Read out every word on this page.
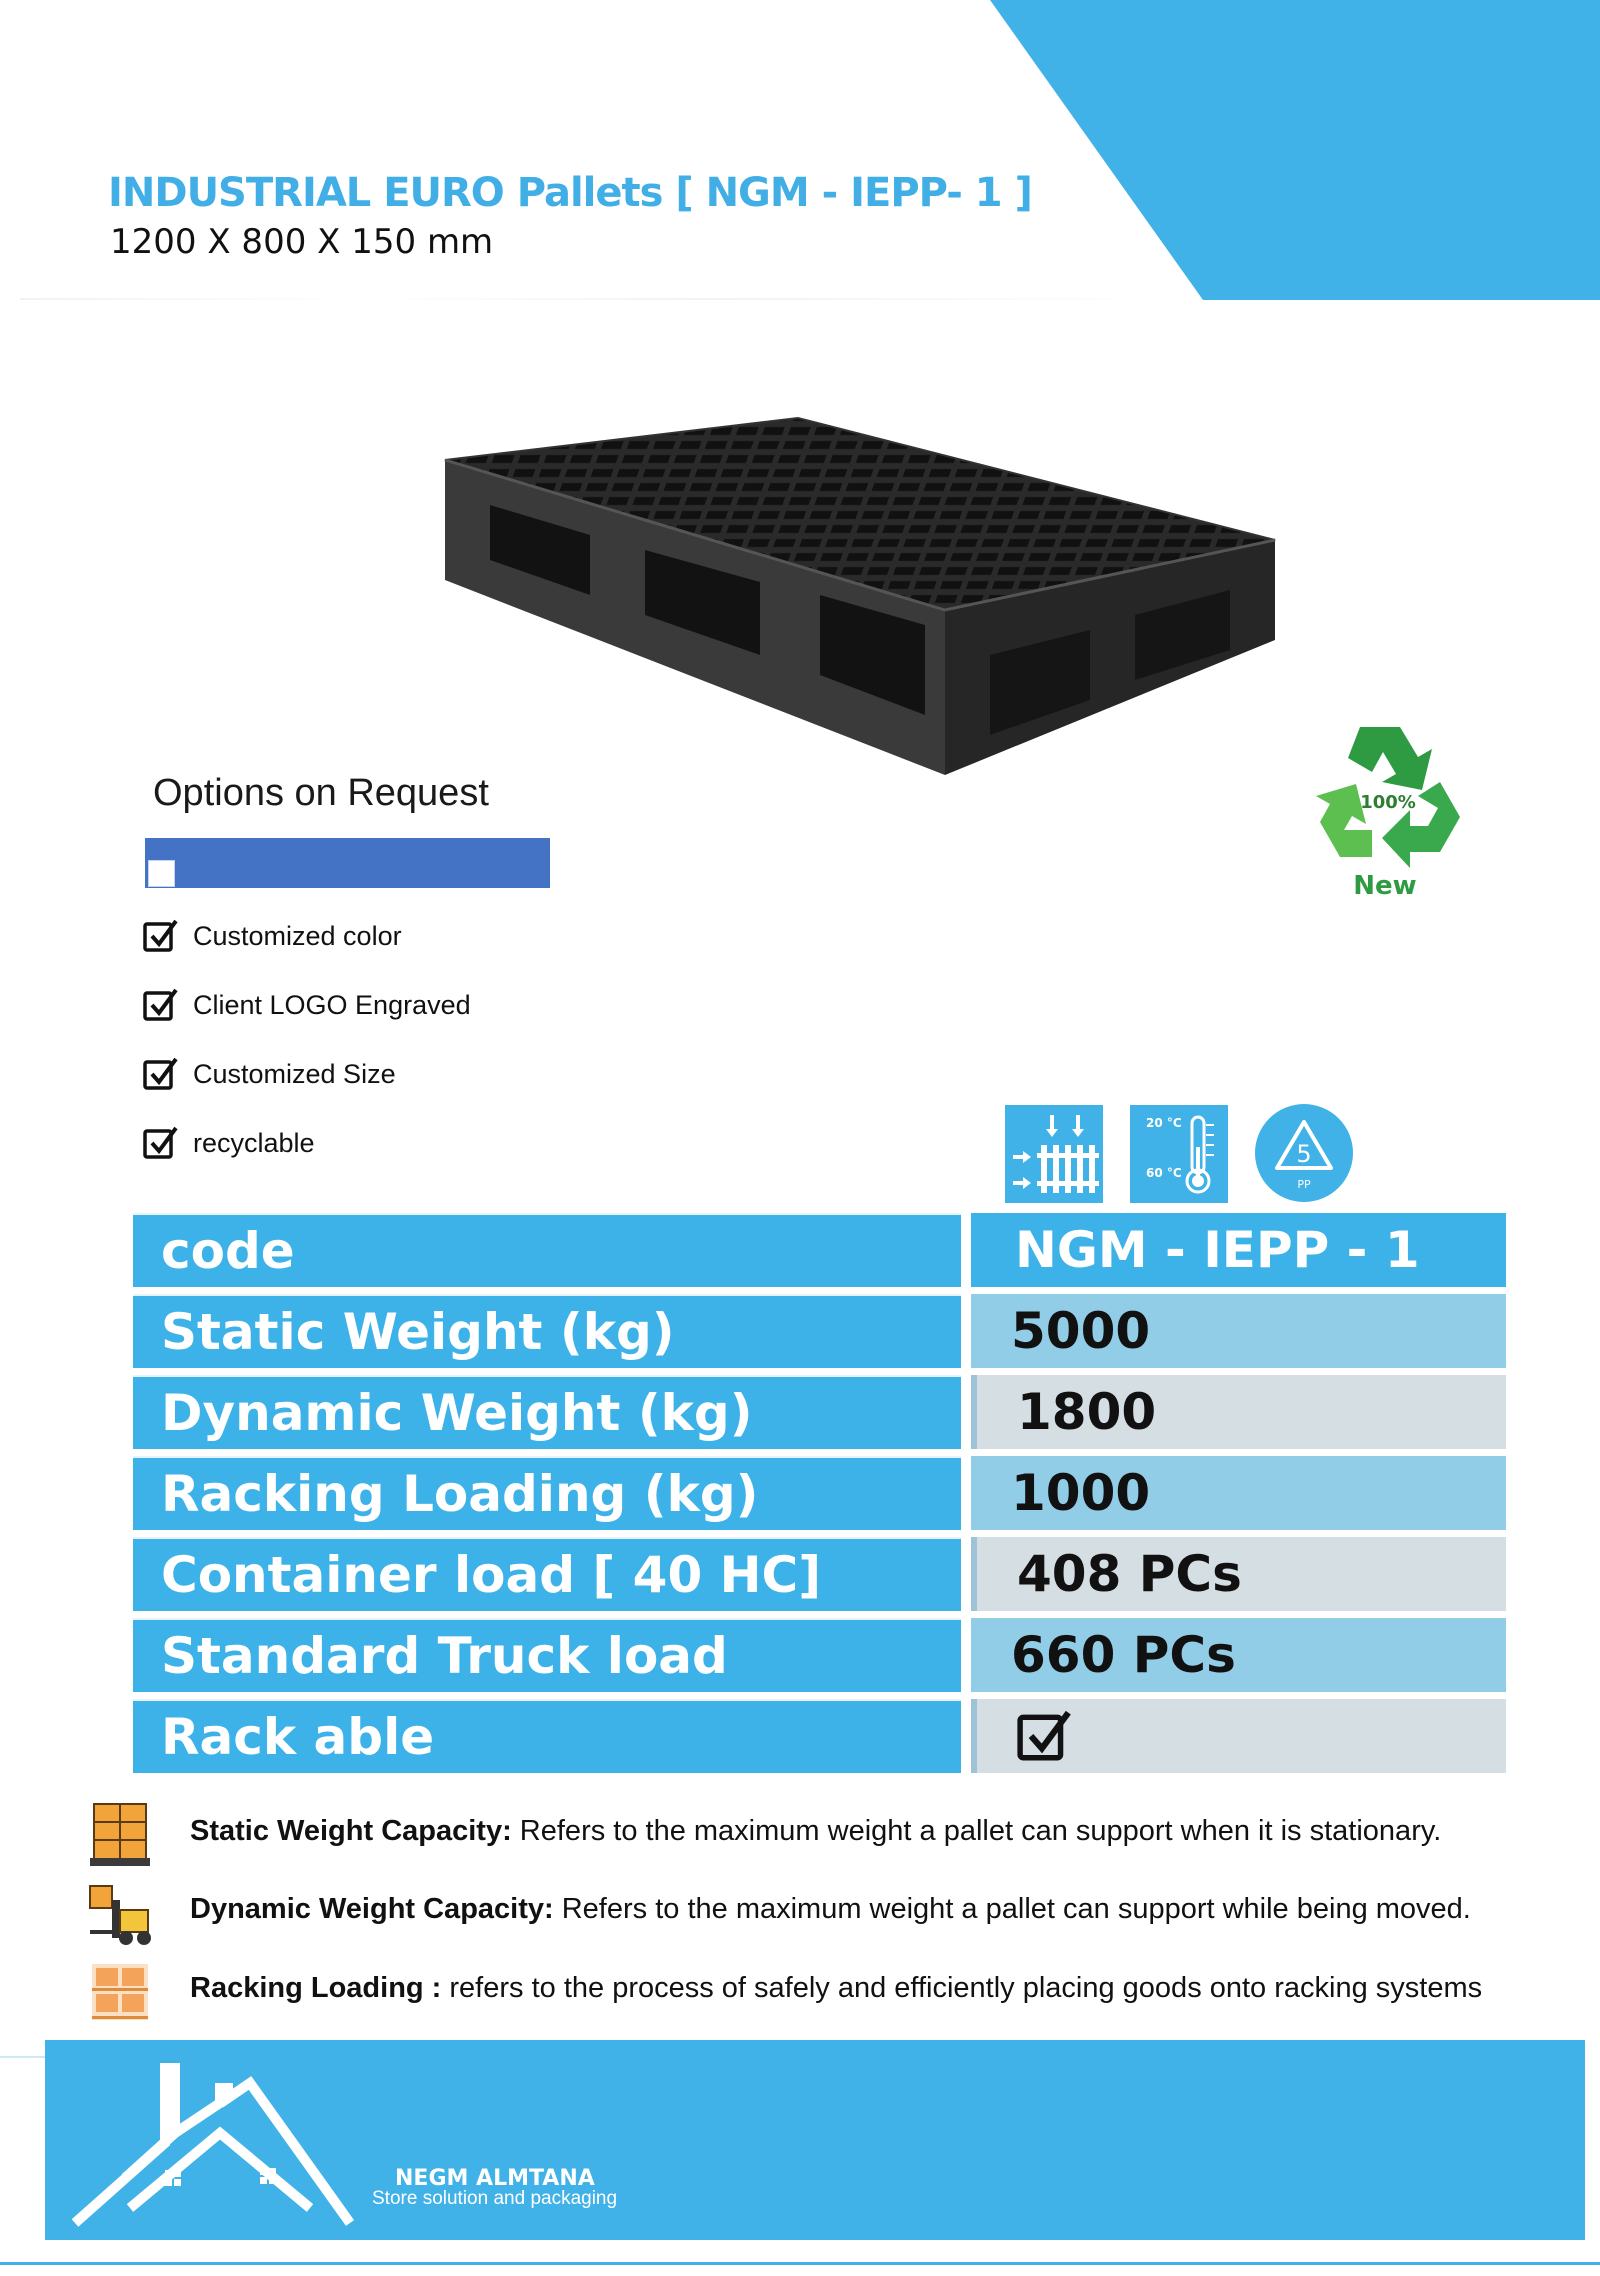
INDUSTRIAL EURO Pallets [ NGM - IEPP- 1 ]
1200 X 800 X 150 mm
100%
New
Options on Request
Customized color
Client LOGO Engraved
Customized Size
recyclable
20 °C
60 °C
5
PP
code	NGM - IEPP - 1
Static Weight (kg)	5000
Dynamic Weight (kg)	1800
Racking Loading (kg)	1000
Container load [ 40 HC]	408 PCs
Standard Truck load	660 PCs
Rack able
Static Weight Capacity: Refers to the maximum weight a pallet can support when it is stationary.
Dynamic Weight Capacity: Refers to the maximum weight a pallet can support while being moved.
Racking Loading : refers to the process of safely and efficiently placing goods onto racking systems
NEGM ALMTANA
Store solution and packaging
